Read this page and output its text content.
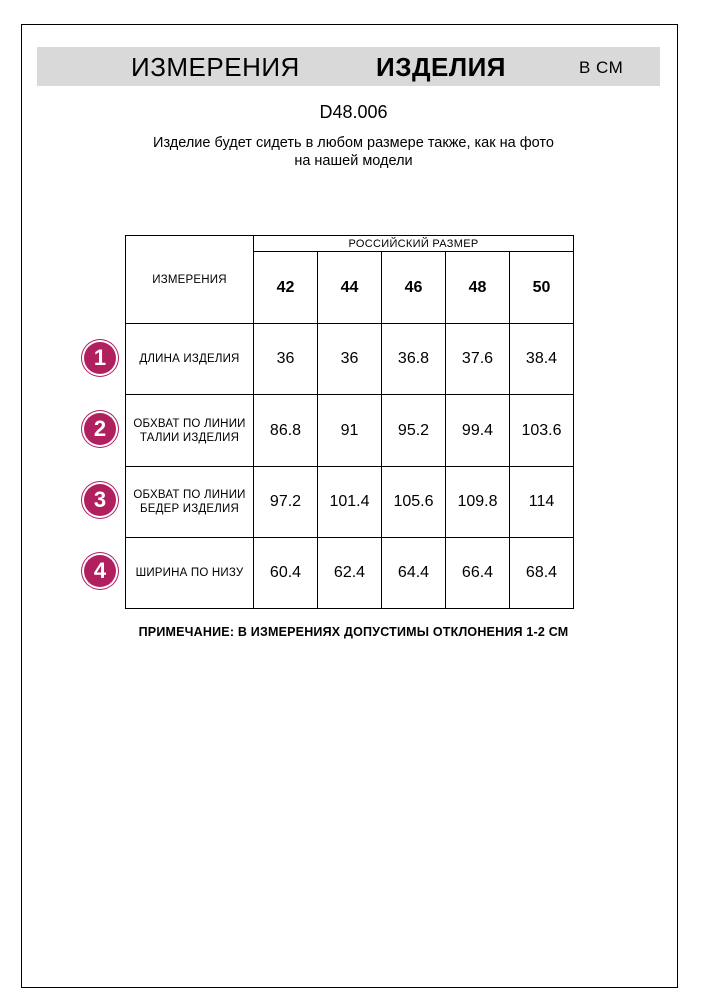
ИЗМЕРЕНИЯ	ИЗДЕЛИЯ	В СМ
D48.006
Изделие будет сидеть в любом размере также, как на фото
на нашей модели
ИЗМЕРЕНИЯ	РОССИЙСКИЙ РАЗМЕР				
	42	44	46	48	50

ДЛИНА ИЗДЕЛИЯ	36	36	36.8	37.6	38.4

ОБХВАТ ПО ЛИНИИ
ТАЛИИ ИЗДЕЛИЯ	86.8	91	95.2	99.4	103.6

ОБХВАТ ПО ЛИНИИ
БЕДЕР ИЗДЕЛИЯ	97.2	101.4	105.6	109.8	114

ШИРИНА ПО НИЗУ	60.4	62.4	64.4	66.4	68.4
1
2
3
4
ПРИМЕЧАНИЕ: В ИЗМЕРЕНИЯХ ДОПУСТИМЫ ОТКЛОНЕНИЯ 1-2 СМ
